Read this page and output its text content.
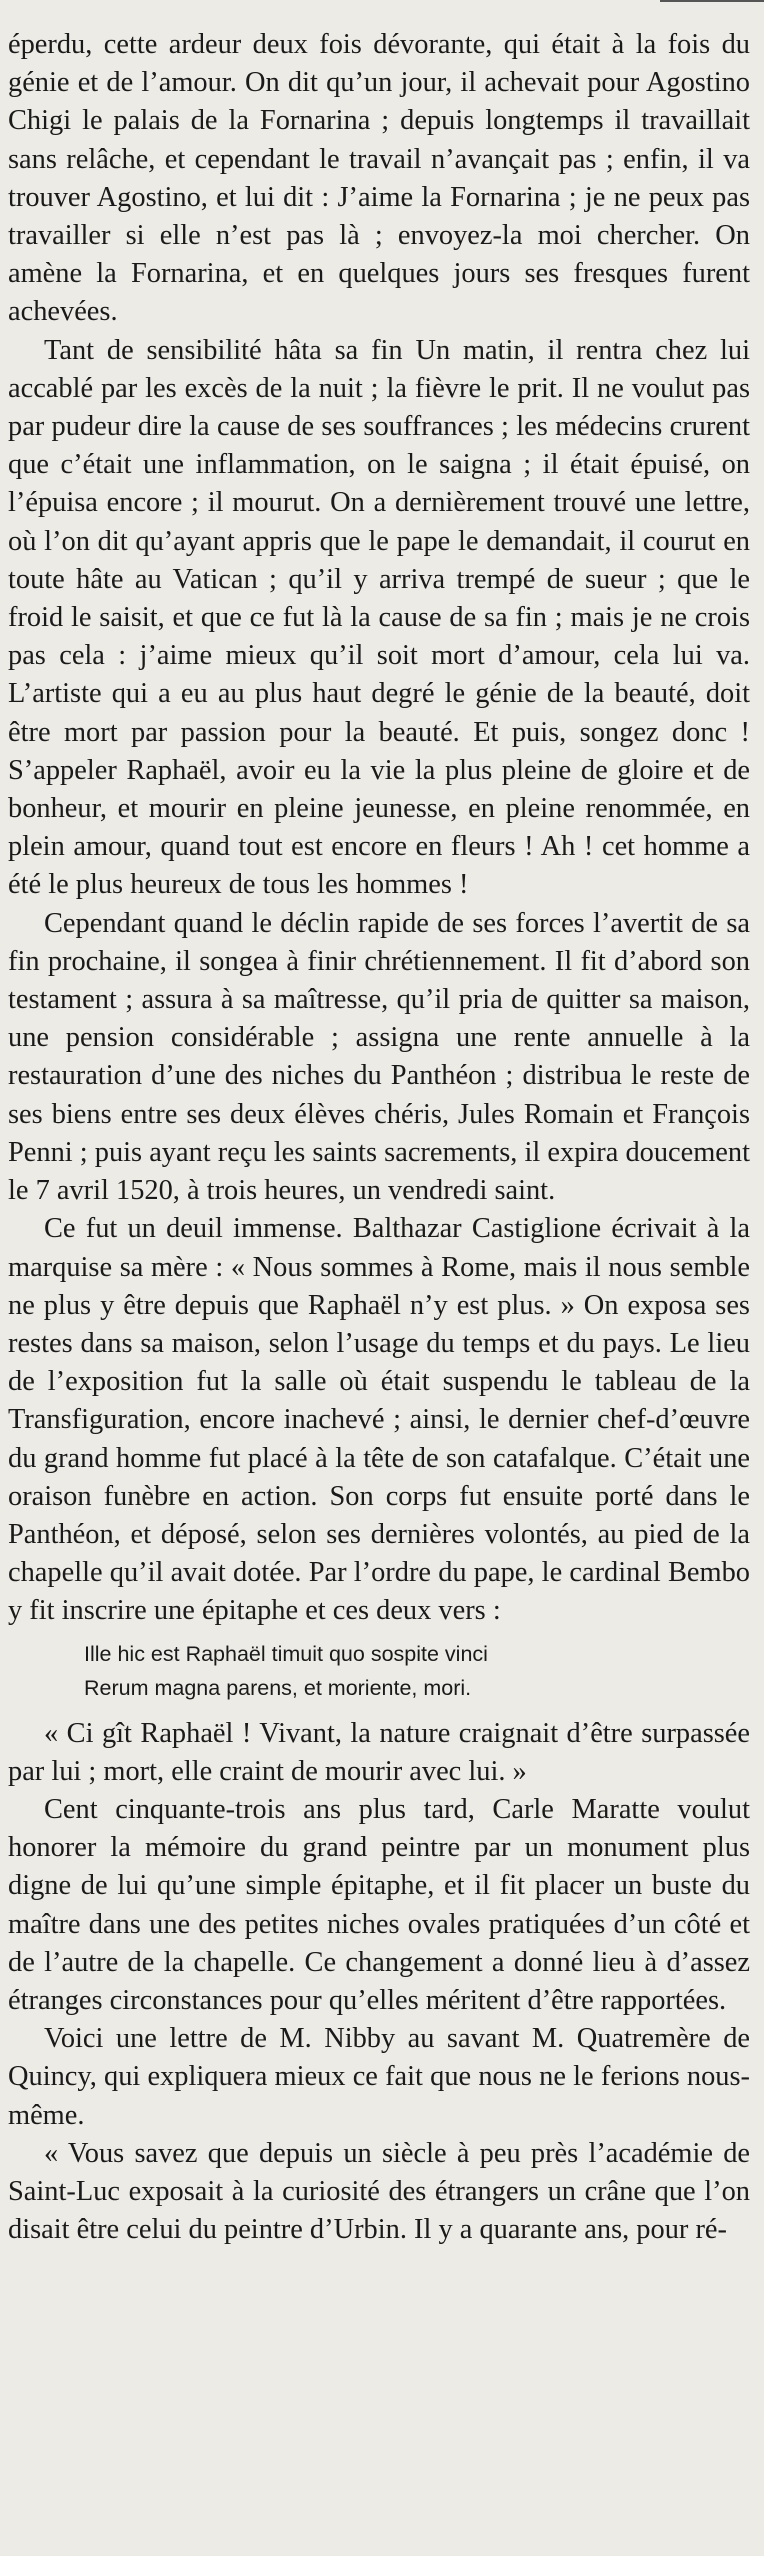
éperdu, cette ardeur deux fois dévorante, qui était à la fois du génie et de l’amour. On dit qu’un jour, il achevait pour Agostino Chigi le palais de la Fornarina ; depuis longtemps il travaillait sans relâche, et cependant le travail n’avançait pas ; enfin, il va trouver Agostino, et lui dit : J’aime la Fornarina ; je ne peux pas travailler si elle n’est pas là ; envoyez-la moi chercher. On amène la Fornarina, et en quelques jours ses fresques furent achevées.

Tant de sensibilité hâta sa fin Un matin, il rentra chez lui accablé par les excès de la nuit ; la fièvre le prit. Il ne voulut pas par pudeur dire la cause de ses souffrances ; les médecins crurent que c’était une inflammation, on le saigna ; il était épuisé, on l’épuisa encore ; il mourut. On a dernièrement trouvé une lettre, où l’on dit qu’ayant appris que le pape le demandait, il courut en toute hâte au Vatican ; qu’il y arriva trempé de sueur ; que le froid le saisit, et que ce fut là la cause de sa fin ; mais je ne crois pas cela : j’aime mieux qu’il soit mort d’amour, cela lui va. L’artiste qui a eu au plus haut degré le génie de la beauté, doit être mort par passion pour la beauté. Et puis, songez donc ! S’appeler Raphaël, avoir eu la vie la plus pleine de gloire et de bonheur, et mourir en pleine jeunesse, en pleine renommée, en plein amour, quand tout est encore en fleurs ! Ah ! cet homme a été le plus heureux de tous les hommes !

Cependant quand le déclin rapide de ses forces l’avertit de sa fin prochaine, il songea à finir chrétiennement. Il fit d’abord son testament ; assura à sa maîtresse, qu’il pria de quitter sa maison, une pension considérable ; assigna une rente annuelle à la restauration d’une des niches du Panthéon ; distribua le reste de ses biens entre ses deux élèves chéris, Jules Romain et François Penni ; puis ayant reçu les saints sacrements, il expira doucement le 7 avril 1520, à trois heures, un vendredi saint.

Ce fut un deuil immense. Balthazar Castiglione écrivait à la marquise sa mère : « Nous sommes à Rome, mais il nous semble ne plus y être depuis que Raphaël n’y est plus. » On exposa ses restes dans sa maison, selon l’usage du temps et du pays. Le lieu de l’exposition fut la salle où était suspendu le tableau de la Transfiguration, encore inachevé ; ainsi, le dernier chef-d’œuvre du grand homme fut placé à la tête de son catafalque. C’était une oraison funèbre en action. Son corps fut ensuite porté dans le Panthéon, et déposé, selon ses dernières volontés, au pied de la chapelle qu’il avait dotée. Par l’ordre du pape, le cardinal Bembo y fit inscrire une épitaphe et ces deux vers :

Ille hic est Raphaël timuit quo sospite vinci
Rerum magna parens, et moriente, mori.

« Ci gît Raphaël ! Vivant, la nature craignait d’être surpassée par lui ; mort, elle craint de mourir avec lui. »

Cent cinquante-trois ans plus tard, Carle Maratte voulut honorer la mémoire du grand peintre par un monument plus digne de lui qu’une simple épitaphe, et il fit placer un buste du maître dans une des petites niches ovales pratiquées d’un côté et de l’autre de la chapelle. Ce changement a donné lieu à d’assez étranges circonstances pour qu’elles méritent d’être rapportées.

Voici une lettre de M. Nibby au savant M. Quatremère de Quincy, qui expliquera mieux ce fait que nous ne le ferions nous-même.

« Vous savez que depuis un siècle à peu près l’académie de Saint-Luc exposait à la curiosité des étrangers un crâne que l’on disait être celui du peintre d’Urbin. Il y a quarante ans, pour ré-
